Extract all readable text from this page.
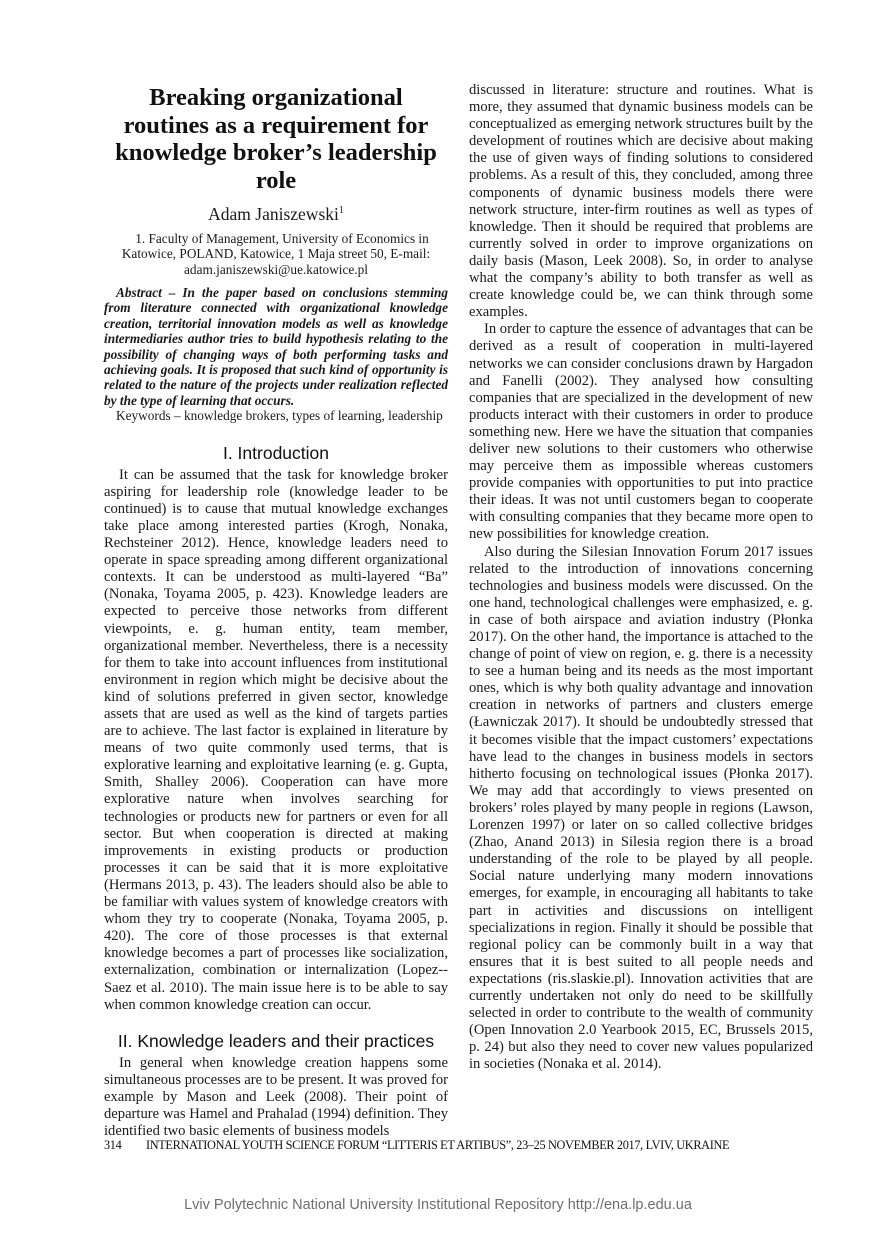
Breaking organizational routines as a requirement for knowledge broker’s leadership role
Adam Janiszewski$^1$
1. Faculty of Management, University of Economics in Katowice, POLAND, Katowice, 1 Maja street 50, E-mail: adam.janiszewski@ue.katowice.pl

Abstract – In the paper based on conclusions stemming from literature connected with organizational knowledge creation, territorial innovation models as well as knowledge intermediaries author tries to build hypothesis relating to the possibility of changing ways of both performing tasks and achieving goals. It is proposed that such kind of opportunity is related to the nature of the projects under realization reflected by the type of learning that occurs.

Keywords – knowledge brokers, types of learning, leadership
I. Introduction

It can be assumed that the task for knowledge broker aspiring for leadership role (knowledge leader to be continued) is to cause that mutual knowledge exchanges take place among interested parties (Krogh, Nonaka, Rechsteiner 2012). Hence, knowledge leaders need to operate in space spreading among different organizational contexts. It can be understood as multi-layered “Ba” (Nonaka, Toyama 2005, p. 423). Knowledge leaders are expected to perceive those networks from different viewpoints, e. g. human entity, team member, organizational member. Nevertheless, there is a necessity for them to take into account influences from institutional environment in region which might be decisive about the kind of solutions preferred in given sector, knowledge assets that are used as well as the kind of targets parties are to achieve. The last factor is explained in literature by means of two quite commonly used terms, that is explorative learning and exploitative learning (e. g. Gupta, Smith, Shalley 2006). Cooperation can have more explorative nature when involves searching for technologies or products new for partners or even for all sector. But when cooperation is directed at making improvements in existing products or production processes it can be said that it is more exploitative (Hermans 2013, p. 43). The leaders should also be able to be familiar with values system of knowledge creators with whom they try to cooperate (Nonaka, Toyama 2005, p. 420). The core of those processes is that external knowledge becomes a part of processes like socialization, externalization, combination or internalization (Lopez--Saez et al. 2010). The main issue here is to be able to say when common knowledge creation can occur.

II. Knowledge leaders and their practices

In general when knowledge creation happens some simultaneous processes are to be present. It was proved for example by Mason and Leek (2008). Their point of departure was Hamel and Prahalad (1994) definition. They identified two basic elements of business models

discussed in literature: structure and routines. What is more, they assumed that dynamic business models can be conceptualized as emerging network structures built by the development of routines which are decisive about making the use of given ways of finding solutions to considered problems. As a result of this, they concluded, among three components of dynamic business models there were network structure, inter-firm routines as well as types of knowledge. Then it should be required that problems are currently solved in order to improve organizations on daily basis (Mason, Leek 2008). So, in order to analyse what the company’s ability to both transfer as well as create knowledge could be, we can think through some examples.

In order to capture the essence of advantages that can be derived as a result of cooperation in multi-layered networks we can consider conclusions drawn by Hargadon and Fanelli (2002). They analysed how consulting companies that are specialized in the development of new products interact with their customers in order to produce something new. Here we have the situation that companies deliver new solutions to their customers who otherwise may perceive them as impossible whereas customers provide companies with opportunities to put into practice their ideas. It was not until customers began to cooperate with consulting companies that they became more open to new possibilities for knowledge creation.

Also during the Silesian Innovation Forum 2017 issues related to the introduction of innovations concerning technologies and business models were discussed. On the one hand, technological challenges were emphasized, e. g. in case of both airspace and aviation industry (Płonka 2017). On the other hand, the importance is attached to the change of point of view on region, e. g. there is a necessity to see a human being and its needs as the most important ones, which is why both quality advantage and innovation creation in networks of partners and clusters emerge (Ławniczak 2017). It should be undoubtedly stressed that it becomes visible that the impact customers’ expectations have lead to the changes in business models in sectors hitherto focusing on technological issues (Płonka 2017). We may add that accordingly to views presented on brokers’ roles played by many people in regions (Lawson, Lorenzen 1997) or later on so called collective bridges (Zhao, Anand 2013) in Silesia region there is a broad understanding of the role to be played by all people. Social nature underlying many modern innovations emerges, for example, in encouraging all habitants to take part in activities and discussions on intelligent specializations in region. Finally it should be possible that regional policy can be commonly built in a way that ensures that it is best suited to all people needs and expectations (ris.slaskie.pl). Innovation activities that are currently undertaken not only do need to be skillfully selected in order to contribute to the wealth of community (Open Innovation 2.0 Yearbook 2015, EC, Brussels 2015, p. 24) but also they need to cover new values popularized in societies (Nonaka et al. 2014).

314 INTERNATIONAL YOUTH SCIENCE FORUM “LITTERIS ET ARTIBUS”, 23–25 NOVEMBER 2017, LVIV, UKRAINE
Lviv Polytechnic National University Institutional Repository http://ena.lp.edu.ua
